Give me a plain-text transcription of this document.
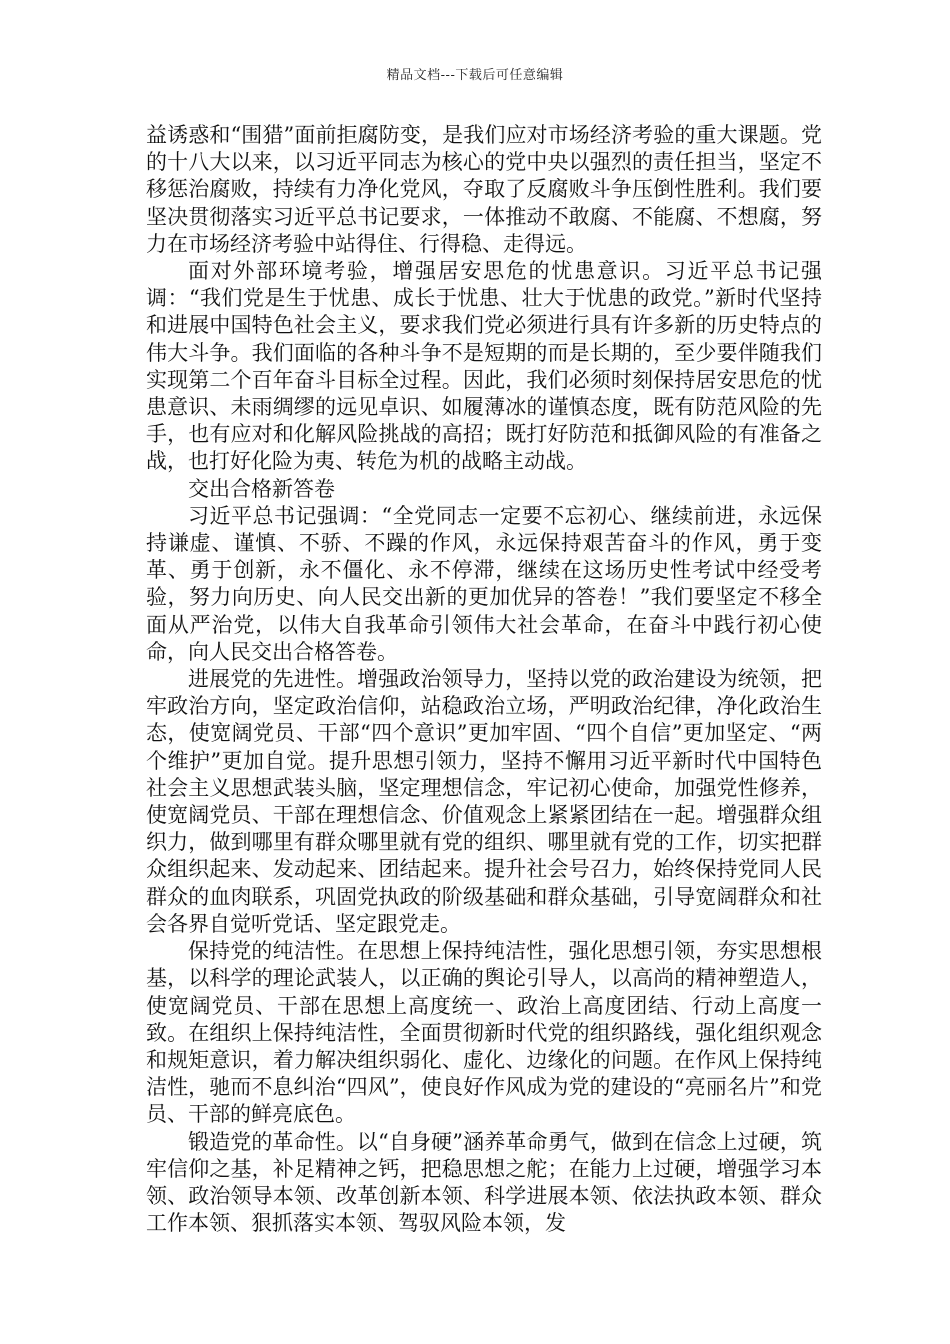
精品文档---下载后可任意编辑

益诱惑和“围猎”面前拒腐防变，是我们应对市场经济考验的重大课题。党的十八大以来，以习近平同志为核心的党中央以强烈的责任担当，坚定不移惩治腐败，持续有力净化党风，夺取了反腐败斗争压倒性胜利。我们要坚决贯彻落实习近平总书记要求，一体推动不敢腐、不能腐、不想腐，努力在市场经济考验中站得住、行得稳、走得远。

面对外部环境考验，增强居安思危的忧患意识。习近平总书记强调：“我们党是生于忧患、成长于忧患、壮大于忧患的政党。”新时代坚持和进展中国特色社会主义，要求我们党必须进行具有许多新的历史特点的伟大斗争。我们面临的各种斗争不是短期的而是长期的，至少要伴随我们实现第二个百年奋斗目标全过程。因此，我们必须时刻保持居安思危的忧患意识、未雨绸缪的远见卓识、如履薄冰的谨慎态度，既有防范风险的先手，也有应对和化解风险挑战的高招；既打好防范和抵御风险的有准备之战，也打好化险为夷、转危为机的战略主动战。

交出合格新答卷

习近平总书记强调：“全党同志一定要不忘初心、继续前进，永远保持谦虚、谨慎、不骄、不躁的作风，永远保持艰苦奋斗的作风，勇于变革、勇于创新，永不僵化、永不停滞，继续在这场历史性考试中经受考验，努力向历史、向人民交出新的更加优异的答卷！”我们要坚定不移全面从严治党，以伟大自我革命引领伟大社会革命，在奋斗中践行初心使命，向人民交出合格答卷。

进展党的先进性。增强政治领导力，坚持以党的政治建设为统领，把牢政治方向，坚定政治信仰，站稳政治立场，严明政治纪律，净化政治生态，使宽阔党员、干部“四个意识”更加牢固、“四个自信”更加坚定、“两个维护”更加自觉。提升思想引领力，坚持不懈用习近平新时代中国特色社会主义思想武装头脑，坚定理想信念，牢记初心使命，加强党性修养，使宽阔党员、干部在理想信念、价值观念上紧紧团结在一起。增强群众组织力，做到哪里有群众哪里就有党的组织、哪里就有党的工作，切实把群众组织起来、发动起来、团结起来。提升社会号召力，始终保持党同人民群众的血肉联系，巩固党执政的阶级基础和群众基础，引导宽阔群众和社会各界自觉听党话、坚定跟党走。

保持党的纯洁性。在思想上保持纯洁性，强化思想引领，夯实思想根基，以科学的理论武装人，以正确的舆论引导人，以高尚的精神塑造人，使宽阔党员、干部在思想上高度统一、政治上高度团结、行动上高度一致。在组织上保持纯洁性，全面贯彻新时代党的组织路线，强化组织观念和规矩意识，着力解决组织弱化、虚化、边缘化的问题。在作风上保持纯洁性，驰而不息纠治“四风”，使良好作风成为党的建设的“亮丽名片”和党员、干部的鲜亮底色。

锻造党的革命性。以“自身硬”涵养革命勇气，做到在信念上过硬，筑牢信仰之基，补足精神之钙，把稳思想之舵；在能力上过硬，增强学习本领、政治领导本领、改革创新本领、科学进展本领、依法执政本领、群众工作本领、狠抓落实本领、驾驭风险本领，发
